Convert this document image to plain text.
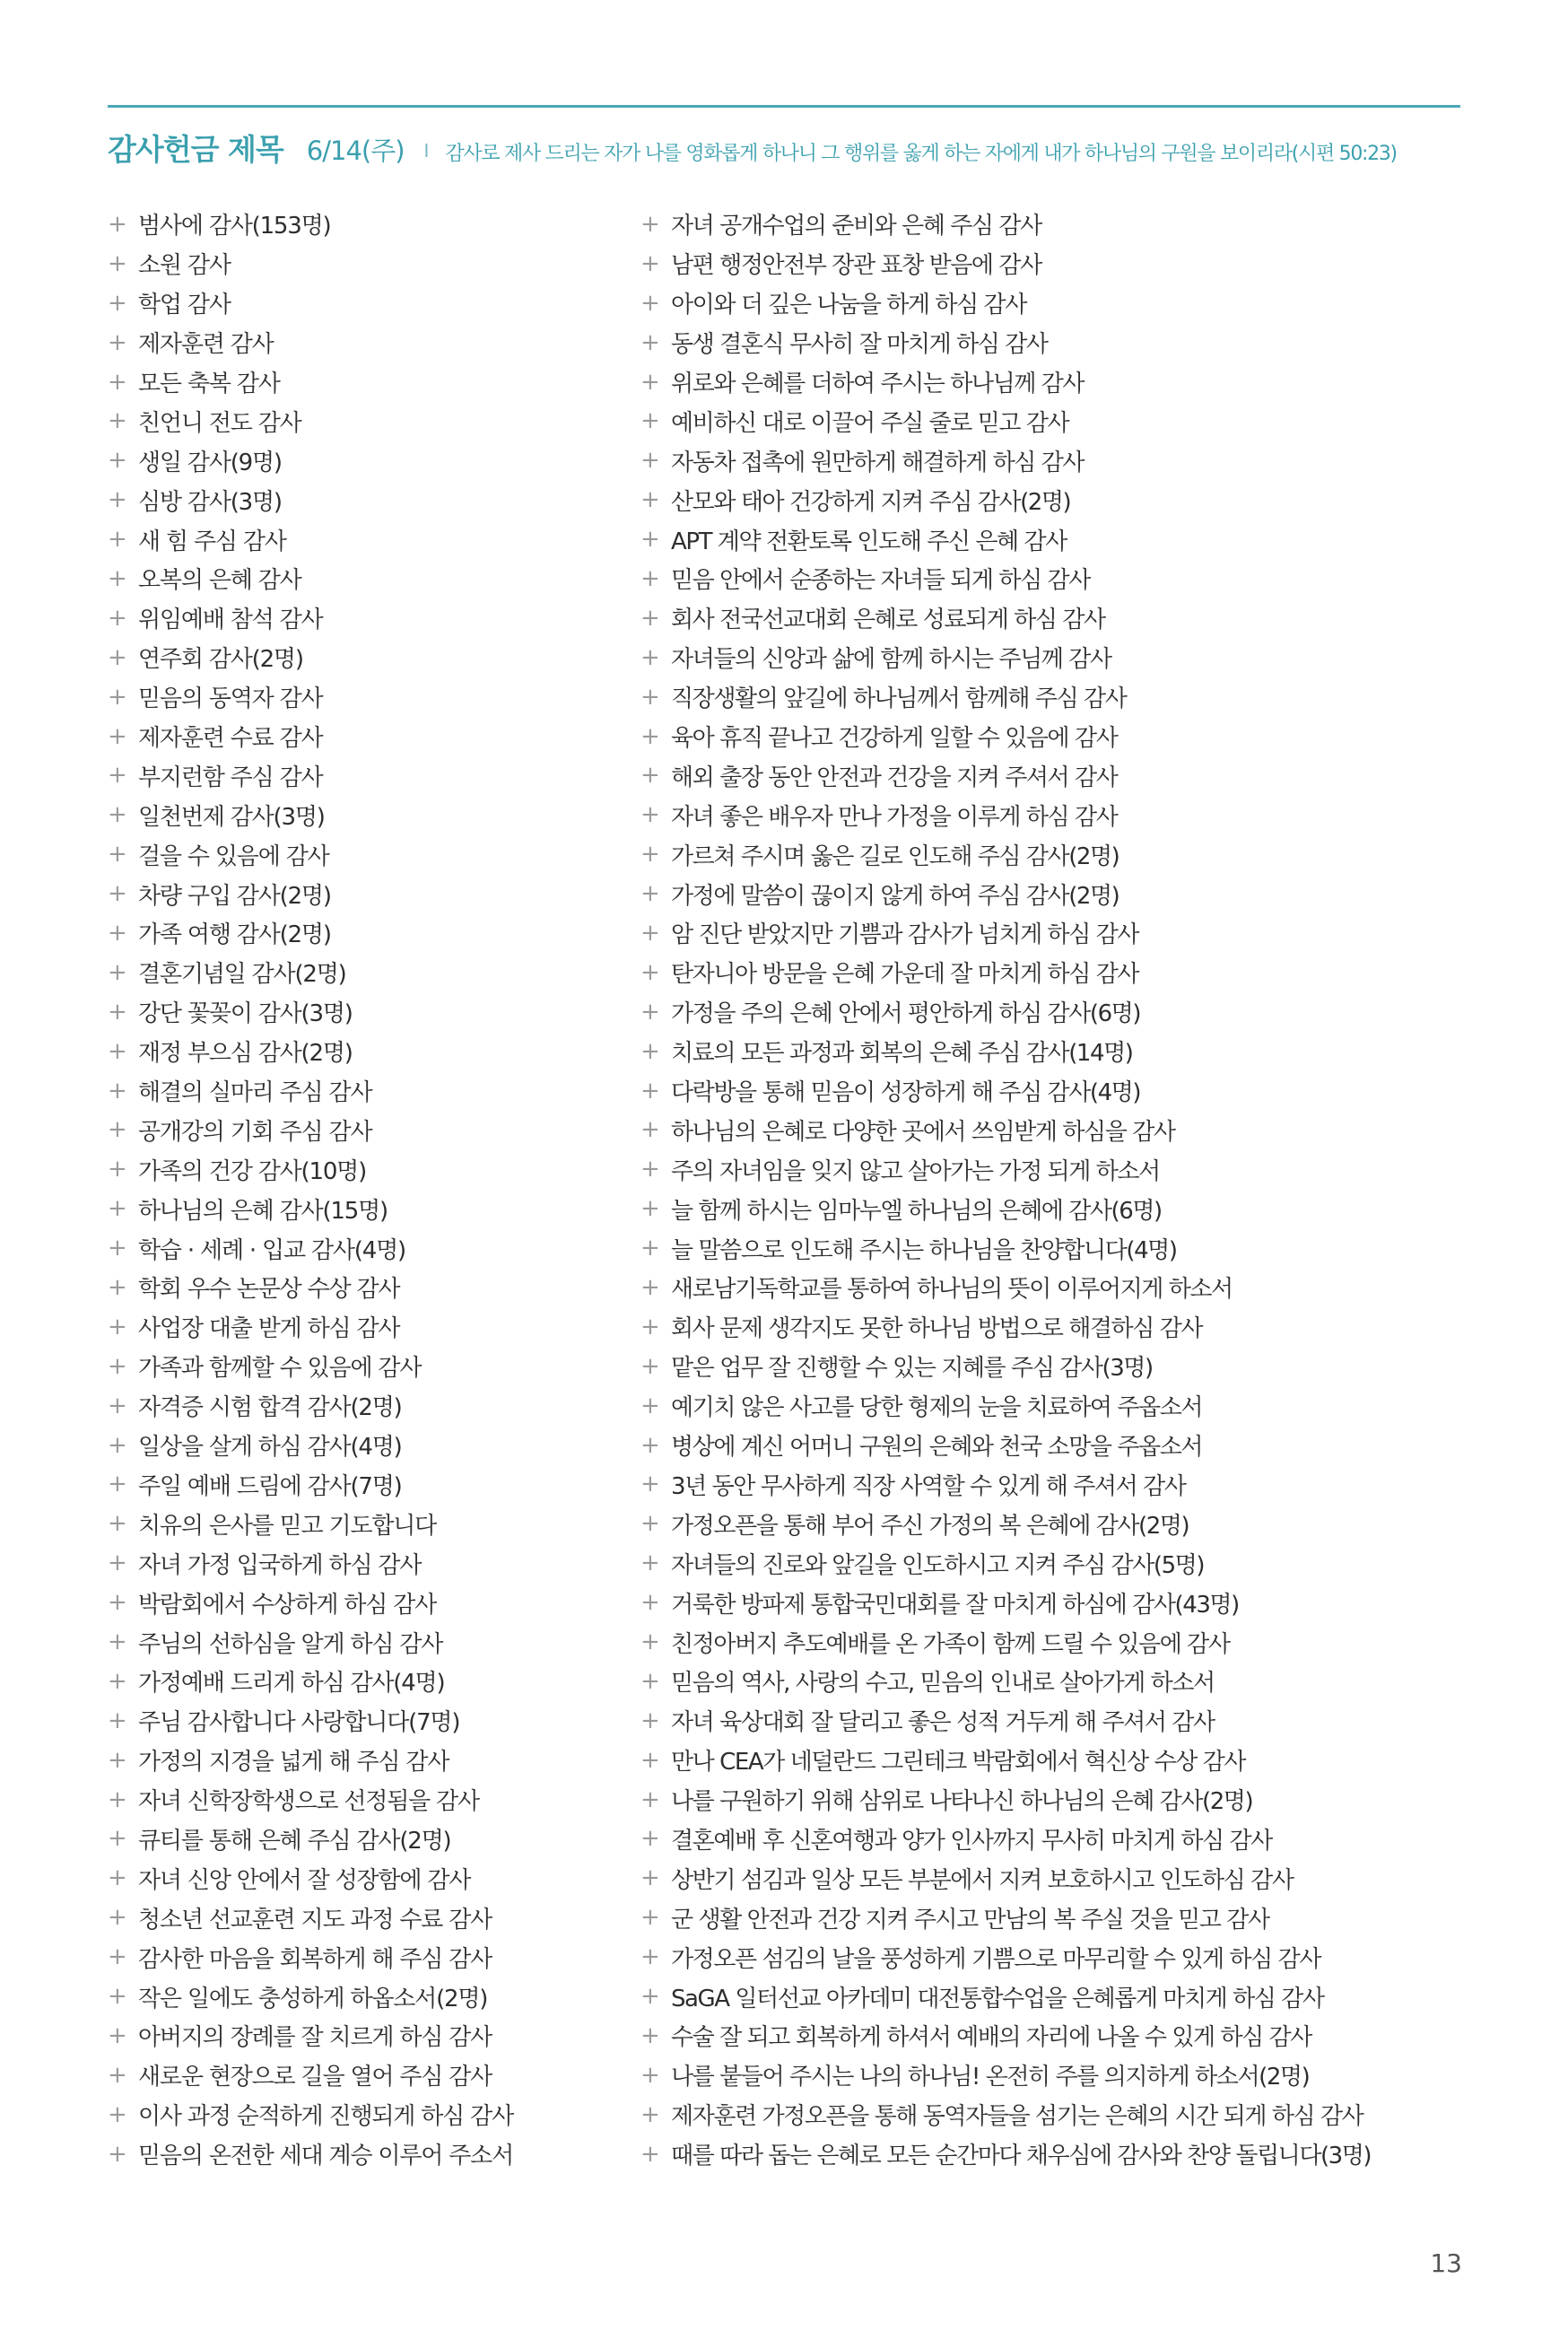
감사헌금 제목 6/14(주) I 감사로 제사 드리는 자가 나를 영화롭게 하나니 그 행위를 옳게 하는 자에게 내가 하나님의 구원을 보이리라(시편 50:23)
+ 범사에 감사(153명)
+ 소원 감사
+ 학업 감사
+ 제자훈련 감사
+ 모든 축복 감사
+ 친언니 전도 감사
+ 생일 감사(9명)
+ 심방 감사(3명)
+ 새 힘 주심 감사
+ 오복의 은혜 감사
+ 위임예배 참석 감사
+ 연주회 감사(2명)
+ 믿음의 동역자 감사
+ 제자훈련 수료 감사
+ 부지런함 주심 감사
+ 일천번제 감사(3명)
+ 걸을 수 있음에 감사
+ 차량 구입 감사(2명)
+ 가족 여행 감사(2명)
+ 결혼기념일 감사(2명)
+ 강단 꽃꽂이 감사(3명)
+ 재정 부으심 감사(2명)
+ 해결의 실마리 주심 감사
+ 공개강의 기회 주심 감사
+ 가족의 건강 감사(10명)
+ 하나님의 은혜 감사(15명)
+ 학습 · 세례 · 입교 감사(4명)
+ 학회 우수 논문상 수상 감사
+ 사업장 대출 받게 하심 감사
+ 가족과 함께할 수 있음에 감사
+ 자격증 시험 합격 감사(2명)
+ 일상을 살게 하심 감사(4명)
+ 주일 예배 드림에 감사(7명)
+ 치유의 은사를 믿고 기도합니다
+ 자녀 가정 입국하게 하심 감사
+ 박람회에서 수상하게 하심 감사
+ 주님의 선하심을 알게 하심 감사
+ 가정예배 드리게 하심 감사(4명)
+ 주님 감사합니다 사랑합니다(7명)
+ 가정의 지경을 넓게 해 주심 감사
+ 자녀 신학장학생으로 선정됨을 감사
+ 큐티를 통해 은혜 주심 감사(2명)
+ 자녀 신앙 안에서 잘 성장함에 감사
+ 청소년 선교훈련 지도 과정 수료 감사
+ 감사한 마음을 회복하게 해 주심 감사
+ 작은 일에도 충성하게 하옵소서(2명)
+ 아버지의 장례를 잘 치르게 하심 감사
+ 새로운 현장으로 길을 열어 주심 감사
+ 이사 과정 순적하게 진행되게 하심 감사
+ 믿음의 온전한 세대 계승 이루어 주소서
+ 자녀 공개수업의 준비와 은혜 주심 감사
+ 남편 행정안전부 장관 표창 받음에 감사
+ 아이와 더 깊은 나눔을 하게 하심 감사
+ 동생 결혼식 무사히 잘 마치게 하심 감사
+ 위로와 은혜를 더하여 주시는 하나님께 감사
+ 예비하신 대로 이끌어 주실 줄로 믿고 감사
+ 자동차 접촉에 원만하게 해결하게 하심 감사
+ 산모와 태아 건강하게 지켜 주심 감사(2명)
+ APT 계약 전환토록 인도해 주신 은혜 감사
+ 믿음 안에서 순종하는 자녀들 되게 하심 감사
+ 회사 전국선교대회 은혜로 성료되게 하심 감사
+ 자녀들의 신앙과 삶에 함께 하시는 주님께 감사
+ 직장생활의 앞길에 하나님께서 함께해 주심 감사
+ 육아 휴직 끝나고 건강하게 일할 수 있음에 감사
+ 해외 출장 동안 안전과 건강을 지켜 주셔서 감사
+ 자녀 좋은 배우자 만나 가정을 이루게 하심 감사
+ 가르쳐 주시며 옳은 길로 인도해 주심 감사(2명)
+ 가정에 말씀이 끊이지 않게 하여 주심 감사(2명)
+ 암 진단 받았지만 기쁨과 감사가 넘치게 하심 감사
+ 탄자니아 방문을 은혜 가운데 잘 마치게 하심 감사
+ 가정을 주의 은혜 안에서 평안하게 하심 감사(6명)
+ 치료의 모든 과정과 회복의 은혜 주심 감사(14명)
+ 다락방을 통해 믿음이 성장하게 해 주심 감사(4명)
+ 하나님의 은혜로 다양한 곳에서 쓰임받게 하심을 감사
+ 주의 자녀임을 잊지 않고 살아가는 가정 되게 하소서
+ 늘 함께 하시는 임마누엘 하나님의 은혜에 감사(6명)
+ 늘 말씀으로 인도해 주시는 하나님을 찬양합니다(4명)
+ 새로남기독학교를 통하여 하나님의 뜻이 이루어지게 하소서
+ 회사 문제 생각지도 못한 하나님 방법으로 해결하심 감사
+ 맡은 업무 잘 진행할 수 있는 지혜를 주심 감사(3명)
+ 예기치 않은 사고를 당한 형제의 눈을 치료하여 주옵소서
+ 병상에 계신 어머니 구원의 은혜와 천국 소망을 주옵소서
+ 3년 동안 무사하게 직장 사역할 수 있게 해 주셔서 감사
+ 가정오픈을 통해 부어 주신 가정의 복 은혜에 감사(2명)
+ 자녀들의 진로와 앞길을 인도하시고 지켜 주심 감사(5명)
+ 거룩한 방파제 통합국민대회를 잘 마치게 하심에 감사(43명)
+ 친정아버지 추도예배를 온 가족이 함께 드릴 수 있음에 감사
+ 믿음의 역사, 사랑의 수고, 믿음의 인내로 살아가게 하소서
+ 자녀 육상대회 잘 달리고 좋은 성적 거두게 해 주셔서 감사
+ 만나 CEA가 네덜란드 그린테크 박람회에서 혁신상 수상 감사
+ 나를 구원하기 위해 삼위로 나타나신 하나님의 은혜 감사(2명)
+ 결혼예배 후 신혼여행과 양가 인사까지 무사히 마치게 하심 감사
+ 상반기 섬김과 일상 모든 부분에서 지켜 보호하시고 인도하심 감사
+ 군 생활 안전과 건강 지켜 주시고 만남의 복 주실 것을 믿고 감사
+ 가정오픈 섬김의 날을 풍성하게 기쁨으로 마무리할 수 있게 하심 감사
+ SaGA 일터선교 아카데미 대전통합수업을 은혜롭게 마치게 하심 감사
+ 수술 잘 되고 회복하게 하셔서 예배의 자리에 나올 수 있게 하심 감사
+ 나를 붙들어 주시는 나의 하나님! 온전히 주를 의지하게 하소서(2명)
+ 제자훈련 가정오픈을 통해 동역자들을 섬기는 은혜의 시간 되게 하심 감사
+ 때를 따라 돕는 은혜로 모든 순간마다 채우심에 감사와 찬양 돌립니다(3명)
13
